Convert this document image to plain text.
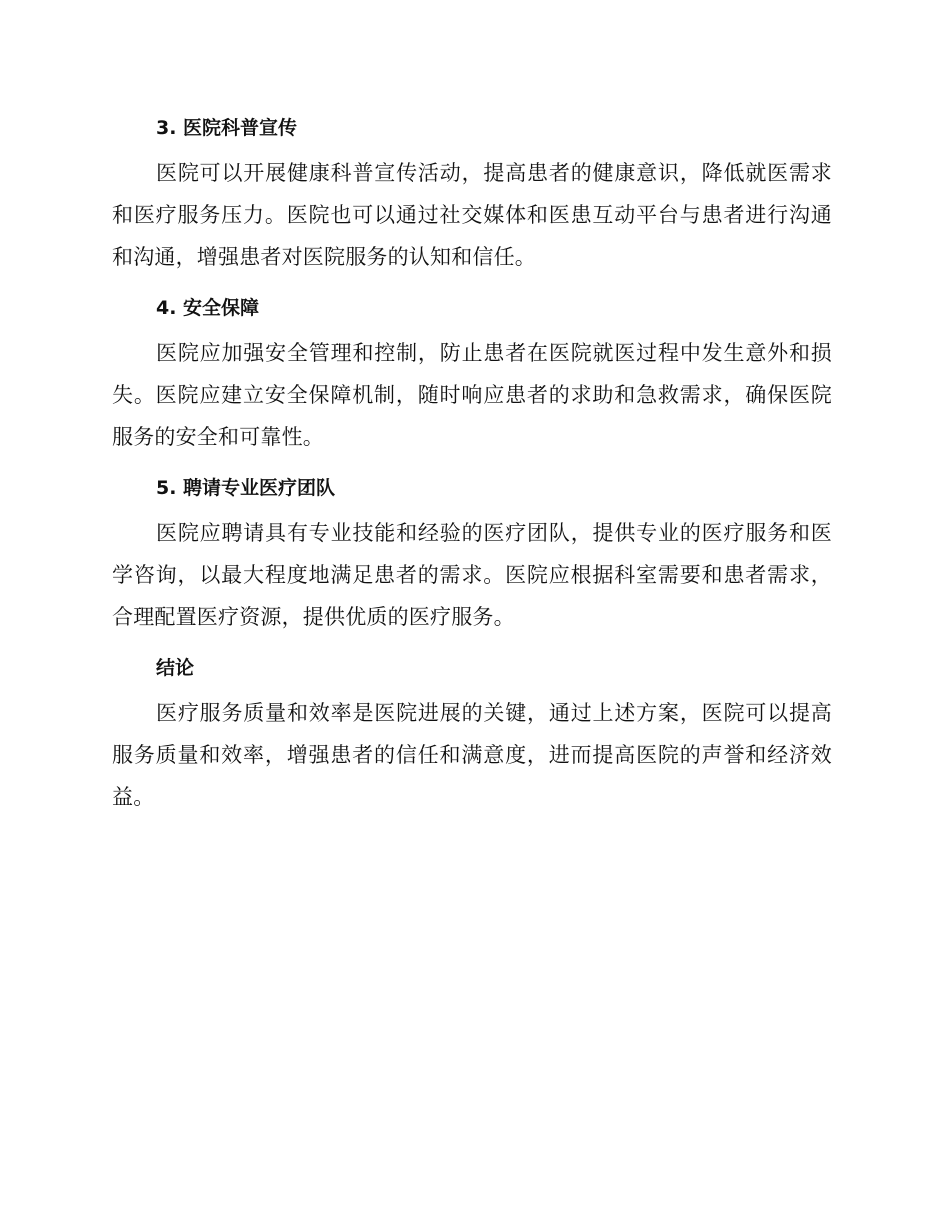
3. 医院科普宣传

医院可以开展健康科普宣传活动，提高患者的健康意识，降低就医需求和医疗服务压力。医院也可以通过社交媒体和医患互动平台与患者进行沟通和沟通，增强患者对医院服务的认知和信任。

4. 安全保障

医院应加强安全管理和控制，防止患者在医院就医过程中发生意外和损失。医院应建立安全保障机制，随时响应患者的求助和急救需求，确保医院服务的安全和可靠性。

5. 聘请专业医疗团队

医院应聘请具有专业技能和经验的医疗团队，提供专业的医疗服务和医学咨询，以最大程度地满足患者的需求。医院应根据科室需要和患者需求，合理配置医疗资源，提供优质的医疗服务。

结论

医疗服务质量和效率是医院进展的关键，通过上述方案，医院可以提高服务质量和效率，增强患者的信任和满意度，进而提高医院的声誉和经济效益。
